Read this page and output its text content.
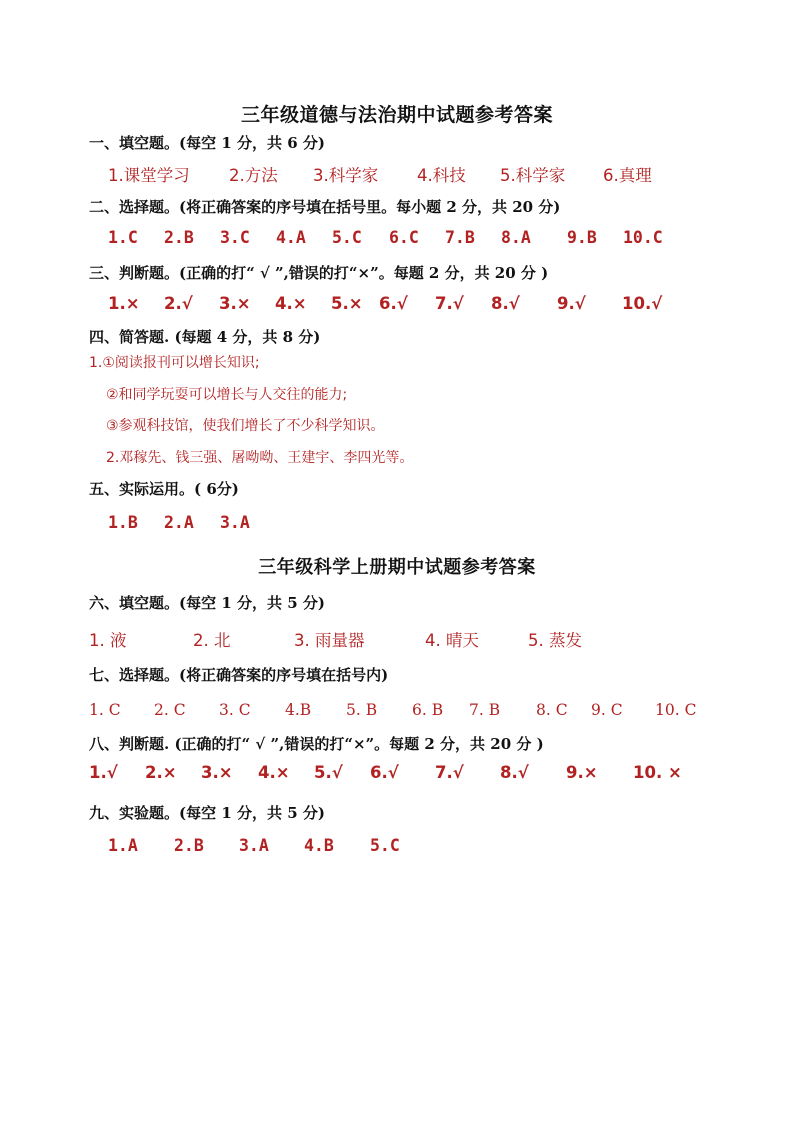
三年级道德与法治期中试题参考答案
一、填空题。(每空 1 分，共 6 分)
1.课堂学习 2.方法 3.科学家 4.科技 5.科学家 6.真理
二、选择题。(将正确答案的序号填在括号里。每小题 2 分，共 20 分)
1.C 2.B 3.C 4.A 5.C 6.C 7.B 8.A 9.B 10.C
三、判断题。(正确的打“ √ ”,错误的打“×”。每题 2 分，共 20 分 )
1.× 2.√ 3.× 4.× 5.× 6.√ 7.√ 8.√ 9.√ 10.√
四、简答题. (每题 4 分，共 8 分)
1.①阅读报刊可以增长知识;
②和同学玩耍可以增长与人交往的能力;
③参观科技馆，使我们增长了不少科学知识。
2.邓稼先、钱三强、屠呦呦、王建宇、李四光等。
五、实际运用。( 6分)
1.B 2.A 3.A
三年级科学上册期中试题参考答案
六、填空题。(每空 1 分，共 5 分)
1. 液	2. 北	3. 雨量器	4. 晴天	5. 蒸发
七、选择题。(将正确答案的序号填在括号内)
1. C 2. C 3. C 4.B 5. B 6. B 7. B 8. C 9. C 10. C
八、判断题. (正确的打“ √ ”,错误的打“×”。每题 2 分，共 20 分 )
1.√ 2.× 3.× 4.× 5.√ 6.√ 7.√ 8.√ 9.× 10. ×
九、实验题。(每空 1 分，共 5 分)
1.A 2.B 3.A 4.B 5.C
